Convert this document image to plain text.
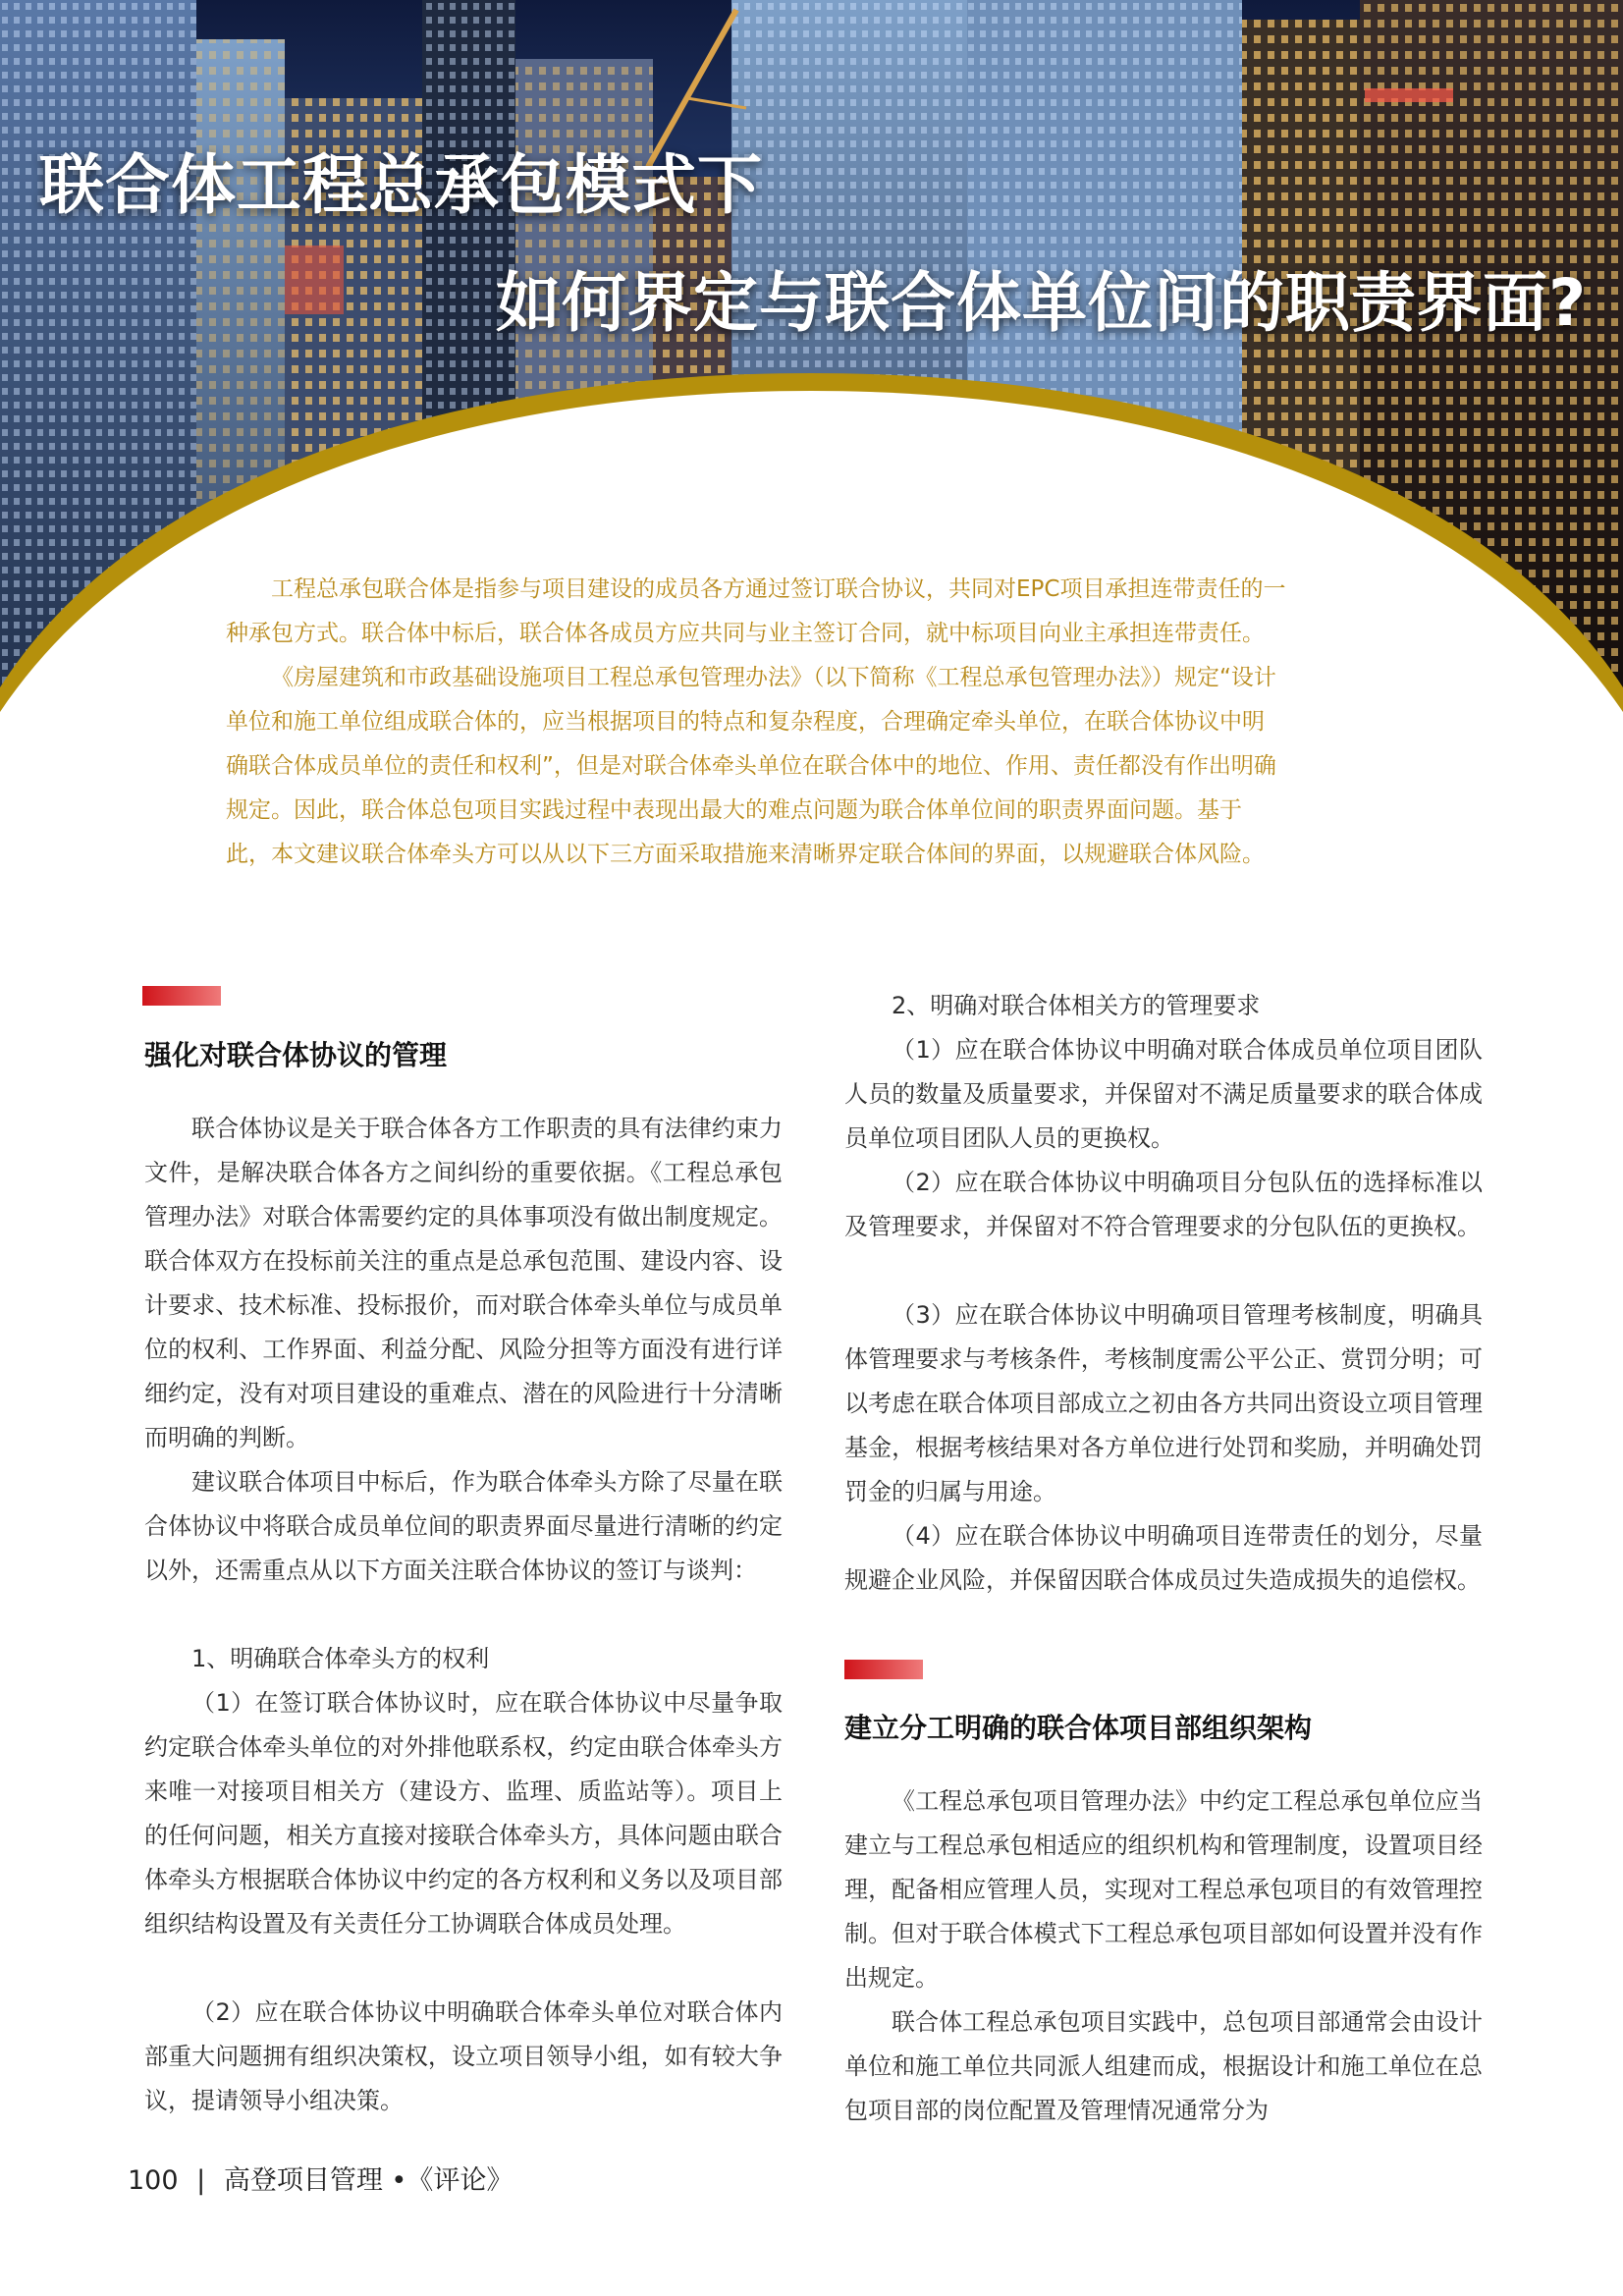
联合体工程总承包模式下
如何界定与联合体单位间的职责界面?

工程总承包联合体是指参与项目建设的成员各方通过签订联合协议，共同对EPC项目承担连带责任的一种承包方式。联合体中标后，联合体各成员方应共同与业主签订合同，就中标项目向业主承担连带责任。

《房屋建筑和市政基础设施项目工程总承包管理办法》（以下简称《工程总承包管理办法》）规定“设计单位和施工单位组成联合体的，应当根据项目的特点和复杂程度，合理确定牵头单位，在联合体协议中明确联合体成员单位的责任和权利”，但是对联合体牵头单位在联合体中的地位、作用、责任都没有作出明确规定。因此，联合体总包项目实践过程中表现出最大的难点问题为联合体单位间的职责界面问题。基于此，本文建议联合体牵头方可以从以下三方面采取措施来清晰界定联合体间的界面，以规避联合体风险。

强化对联合体协议的管理

联合体协议是关于联合体各方工作职责的具有法律约束力文件，是解决联合体各方之间纠纷的重要依据。《工程总承包管理办法》对联合体需要约定的具体事项没有做出制度规定。联合体双方在投标前关注的重点是总承包范围、建设内容、设计要求、技术标准、投标报价，而对联合体牵头单位与成员单位的权利、工作界面、利益分配、风险分担等方面没有进行详细约定，没有对项目建设的重难点、潜在的风险进行十分清晰而明确的判断。

建议联合体项目中标后，作为联合体牵头方除了尽量在联合体协议中将联合成员单位间的职责界面尽量进行清晰的约定以外，还需重点从以下方面关注联合体协议的签订与谈判：

1、明确联合体牵头方的权利

（1）在签订联合体协议时，应在联合体协议中尽量争取约定联合体牵头单位的对外排他联系权，约定由联合体牵头方来唯一对接项目相关方（建设方、监理、质监站等）。项目上的任何问题，相关方直接对接联合体牵头方，具体问题由联合体牵头方根据联合体协议中约定的各方权利和义务以及项目部组织结构设置及有关责任分工协调联合体成员处理。

（2）应在联合体协议中明确联合体牵头单位对联合体内部重大问题拥有组织决策权，设立项目领导小组，如有较大争议，提请领导小组决策。

2、明确对联合体相关方的管理要求

（1）应在联合体协议中明确对联合体成员单位项目团队人员的数量及质量要求，并保留对不满足质量要求的联合体成员单位项目团队人员的更换权。

（2）应在联合体协议中明确项目分包队伍的选择标准以及管理要求，并保留对不符合管理要求的分包队伍的更换权。

（3）应在联合体协议中明确项目管理考核制度，明确具体管理要求与考核条件，考核制度需公平公正、赏罚分明；可以考虑在联合体项目部成立之初由各方共同出资设立项目管理基金，根据考核结果对各方单位进行处罚和奖励，并明确处罚罚金的归属与用途。

（4）应在联合体协议中明确项目连带责任的划分，尽量规避企业风险，并保留因联合体成员过失造成损失的追偿权。

建立分工明确的联合体项目部组织架构

《工程总承包项目管理办法》中约定工程总承包单位应当建立与工程总承包相适应的组织机构和管理制度，设置项目经理，配备相应管理人员，实现对工程总承包项目的有效管理控制。但对于联合体模式下工程总承包项目部如何设置并没有作出规定。

联合体工程总承包项目实践中，总包项目部通常会由设计单位和施工单位共同派人组建而成，根据设计和施工单位在总包项目部的岗位配置及管理情况通常分为

100 | 高登项目管理 •《评论》
